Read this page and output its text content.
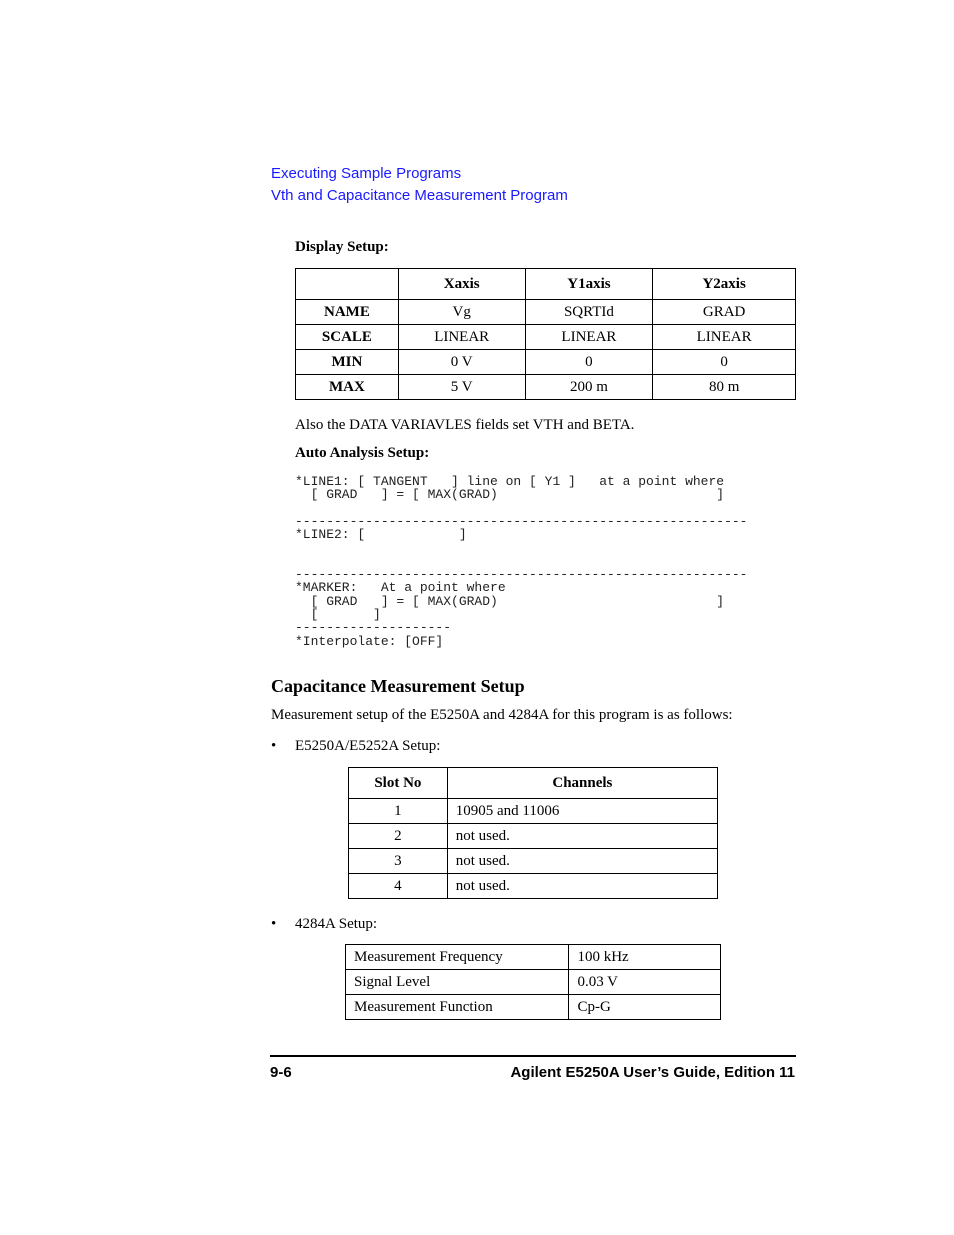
Executing Sample Programs
Vth and Capacitance Measurement Program
Display Setup:
	Xaxis	Y1axis	Y2axis
NAME	Vg	SQRTId	GRAD
SCALE	LINEAR	LINEAR	LINEAR
MIN	0 V	0	0
MAX	5 V	200 m	80 m
Also the DATA VARIAVLES fields set VTH and BETA.
Auto Analysis Setup:
*LINE1: [ TANGENT   ] line on [ Y1 ]   at a point where
[ GRAD   ] = [ MAX(GRAD)                            ]

----------------------------------------------------------
*LINE2: [            ]

----------------------------------------------------------
*MARKER:   At a point where
[ GRAD   ] = [ MAX(GRAD)                            ]
[       ]
--------------------
*Interpolate: [OFF]
Capacitance Measurement Setup
Measurement setup of the E5250A and 4284A for this program is as follows:
• E5250A/E5252A Setup:
Slot No	Channels
1	10905 and 11006
2	not used.
3	not used.
4	not used.
• 4284A Setup:
Measurement Frequency	100 kHz
Signal Level	0.03 V
Measurement Function	Cp-G
9-6	Agilent E5250A User’s Guide, Edition 11
